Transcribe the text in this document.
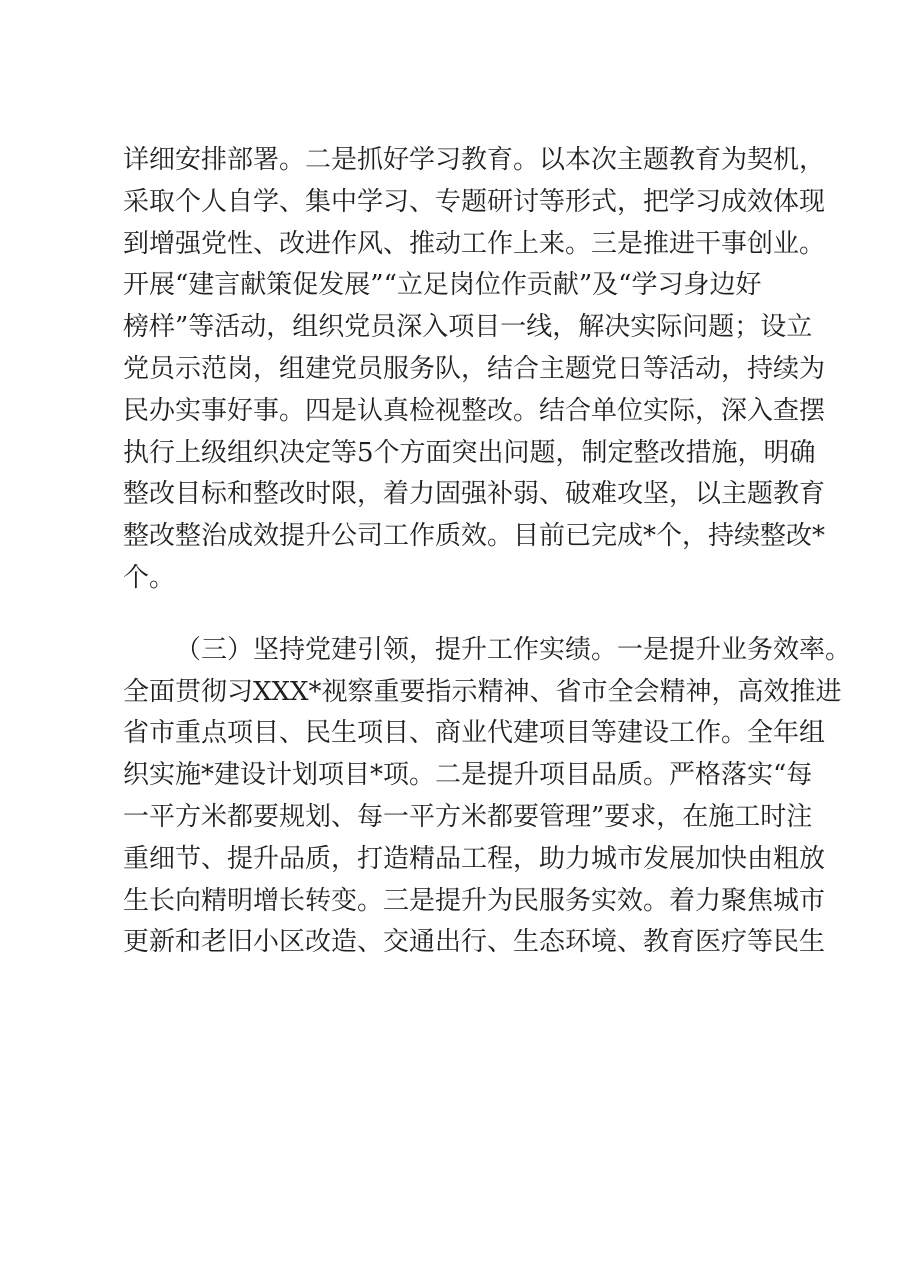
详细安排部署。二是抓好学习教育。以本次主题教育为契机，
采取个人自学、集中学习、专题研讨等形式，把学习成效体现
到增强党性、改进作风、推动工作上来。三是推进干事创业。
开展“建言献策促发展”“立足岗位作贡献”及“学习身边好
榜样”等活动，组织党员深入项目一线，解决实际问题；设立
党员示范岗，组建党员服务队，结合主题党日等活动，持续为
民办实事好事。四是认真检视整改。结合单位实际，深入查摆
执行上级组织决定等5个方面突出问题，制定整改措施，明确
整改目标和整改时限，着力固强补弱、破难攻坚，以主题教育
整改整治成效提升公司工作质效。目前已完成*个，持续整改*
个。

（三）坚持党建引领，提升工作实绩。一是提升业务效率。
全面贯彻习XXX*视察重要指示精神、省市全会精神，高效推进
省市重点项目、民生项目、商业代建项目等建设工作。全年组
织实施*建设计划项目*项。二是提升项目品质。严格落实“每
一平方米都要规划、每一平方米都要管理”要求，在施工时注
重细节、提升品质，打造精品工程，助力城市发展加快由粗放
生长向精明增长转变。三是提升为民服务实效。着力聚焦城市
更新和老旧小区改造、交通出行、生态环境、教育医疗等民生
